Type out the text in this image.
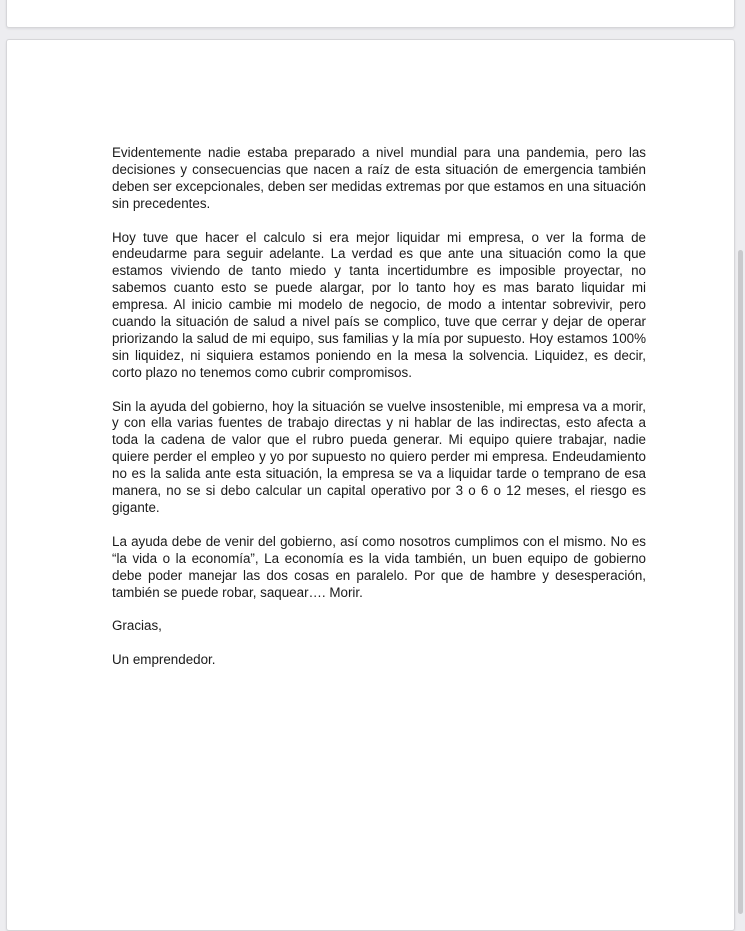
Evidentemente nadie estaba preparado a nivel mundial para una pandemia, pero las decisiones y consecuencias que nacen a raíz de esta situación de emergencia también deben ser excepcionales, deben ser medidas extremas por que estamos en una situación sin precedentes.

Hoy tuve que hacer el calculo si era mejor liquidar mi empresa, o ver la forma de endeudarme para seguir adelante. La verdad es que ante una situación como la que estamos viviendo de tanto miedo y tanta incertidumbre es imposible proyectar, no sabemos cuanto esto se puede alargar, por lo tanto hoy es mas barato liquidar mi empresa. Al inicio cambie mi modelo de negocio, de modo a intentar sobrevivir, pero cuando la situación de salud a nivel país se complico, tuve que cerrar y dejar de operar priorizando la salud de mi equipo, sus familias y la mía por supuesto. Hoy estamos 100% sin liquidez, ni siquiera estamos poniendo en la mesa la solvencia. Liquidez, es decir, corto plazo no tenemos como cubrir compromisos.

Sin la ayuda del gobierno, hoy la situación se vuelve insostenible, mi empresa va a morir, y con ella varias fuentes de trabajo directas y ni hablar de las indirectas, esto afecta a toda la cadena de valor que el rubro pueda generar. Mi equipo quiere trabajar, nadie quiere perder el empleo y yo por supuesto no quiero perder mi empresa. Endeudamiento no es la salida ante esta situación, la empresa se va a liquidar tarde o temprano de esa manera, no se si debo calcular un capital operativo por 3 o 6 o 12 meses, el riesgo es gigante.

La ayuda debe de venir del gobierno, así como nosotros cumplimos con el mismo. No es “la vida o la economía”, La economía es la vida también, un buen equipo de gobierno debe poder manejar las dos cosas en paralelo. Por que de hambre y desesperación, también se puede robar, saquear…. Morir.

Gracias,

Un emprendedor.
